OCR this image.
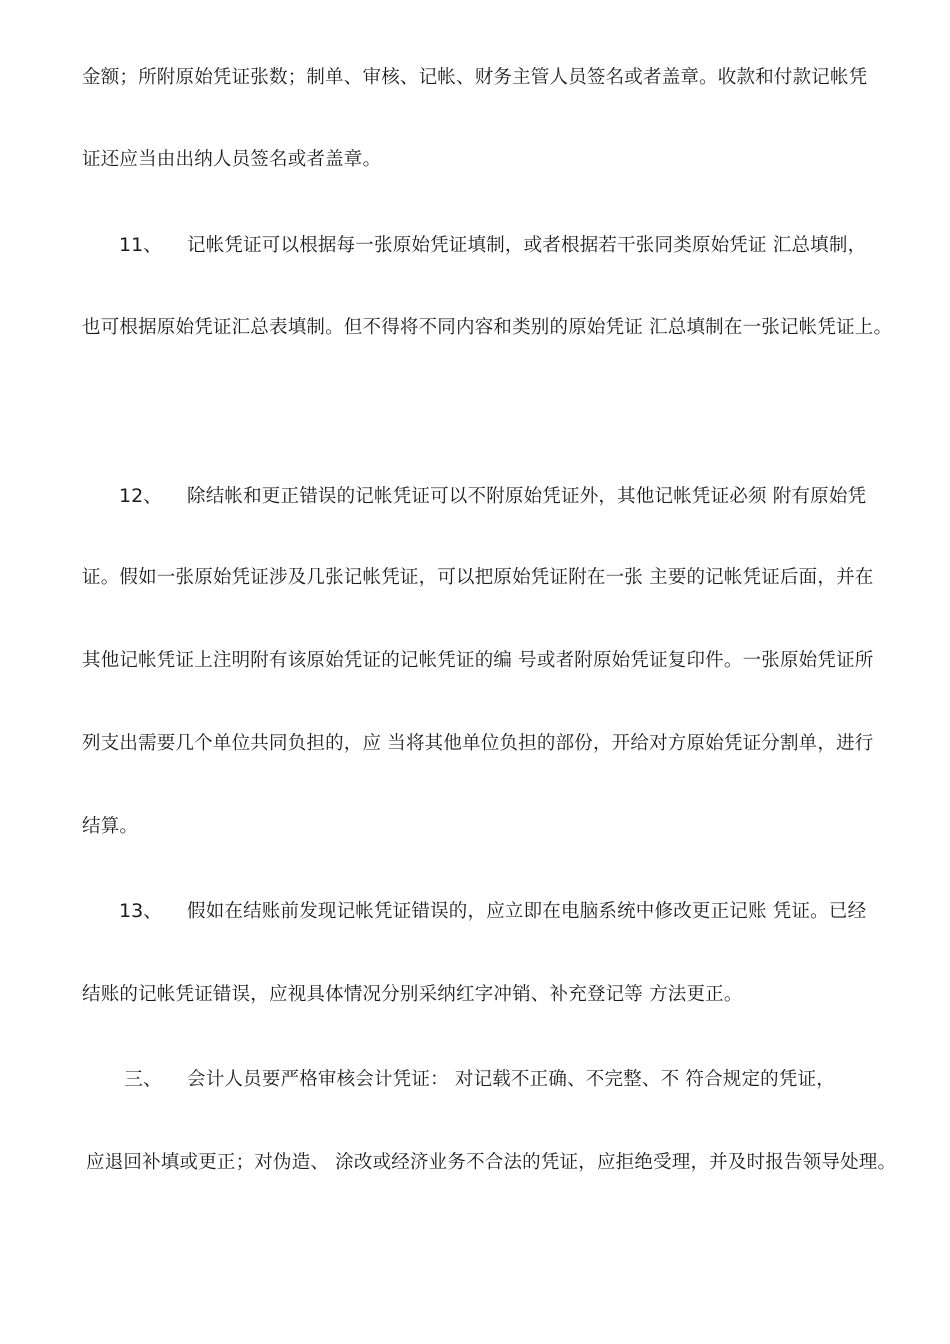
金额；所附原始凭证张数；制单、审核、记帐、财务主管人员签名或者盖章。收款和付款记帐凭
证还应当由出纳人员签名或者盖章。
11、 记帐凭证可以根据每一张原始凭证填制，或者根据若干张同类原始凭证 汇总填制，
也可根据原始凭证汇总表填制。但不得将不同内容和类别的原始凭证 汇总填制在一张记帐凭证上。
12、 除结帐和更正错误的记帐凭证可以不附原始凭证外，其他记帐凭证必须 附有原始凭
证。假如一张原始凭证涉及几张记帐凭证，可以把原始凭证附在一张 主要的记帐凭证后面，并在
其他记帐凭证上注明附有该原始凭证的记帐凭证的编 号或者附原始凭证复印件。一张原始凭证所
列支出需要几个单位共同负担的，应 当将其他单位负担的部份，开给对方原始凭证分割单，进行
结算。
13、 假如在结账前发现记帐凭证错误的，应立即在电脑系统中修改更正记账 凭证。已经
结账的记帐凭证错误，应视具体情况分别采纳红字冲销、补充登记等 方法更正。
三、 会计人员要严格审核会计凭证： 对记载不正确、不完整、不 符合规定的凭证，
应退回补填或更正；对伪造、 涂改或经济业务不合法的凭证，应拒绝受理，并及时报告领导处理。
